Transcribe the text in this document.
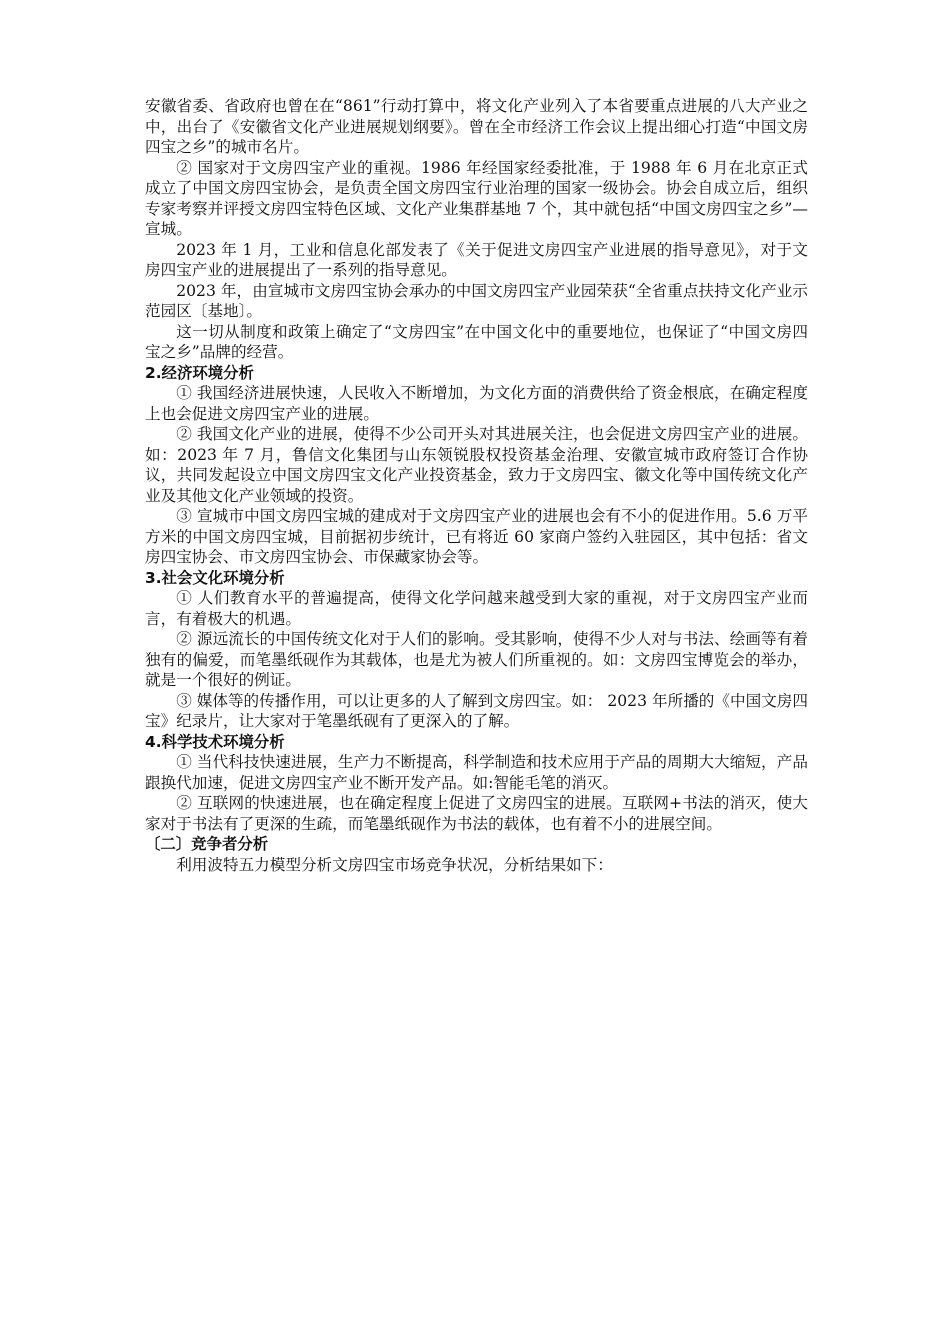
安徽省委、省政府也曾在在“861”行动打算中，将文化产业列入了本省要重点进展的八大产业之中，出台了《安徽省文化产业进展规划纲要》。曾在全市经济工作会议上提出细心打造“中国文房四宝之乡”的城市名片。

② 国家对于文房四宝产业的重视。1986 年经国家经委批准，于 1988 年 6 月在北京正式成立了中国文房四宝协会，是负责全国文房四宝行业治理的国家一级协会。协会自成立后，组织专家考察并评授文房四宝特色区域、文化产业集群基地 7 个，其中就包括“中国文房四宝之乡”—宣城。

2023 年 1 月，工业和信息化部发表了《关于促进文房四宝产业进展的指导意见》，对于文房四宝产业的进展提出了一系列的指导意见。

2023 年，由宣城市文房四宝协会承办的中国文房四宝产业园荣获“全省重点扶持文化产业示范园区〔基地〕。

这一切从制度和政策上确定了“文房四宝”在中国文化中的重要地位，也保证了“中国文房四宝之乡”品牌的经营。

2.经济环境分析

① 我国经济进展快速，人民收入不断增加，为文化方面的消费供给了资金根底，在确定程度上也会促进文房四宝产业的进展。

② 我国文化产业的进展，使得不少公司开头对其进展关注，也会促进文房四宝产业的进展。如：2023 年 7 月，鲁信文化集团与山东领锐股权投资基金治理、安徽宣城市政府签订合作协议，共同发起设立中国文房四宝文化产业投资基金，致力于文房四宝、徽文化等中国传统文化产业及其他文化产业领域的投资。

③ 宣城市中国文房四宝城的建成对于文房四宝产业的进展也会有不小的促进作用。5.6 万平方米的中国文房四宝城，目前据初步统计，已有将近 60 家商户签约入驻园区，其中包括：省文房四宝协会、市文房四宝协会、市保藏家协会等。

3.社会文化环境分析

① 人们教育水平的普遍提高，使得文化学问越来越受到大家的重视，对于文房四宝产业而言，有着极大的机遇。

② 源远流长的中国传统文化对于人们的影响。受其影响，使得不少人对与书法、绘画等有着独有的偏爱，而笔墨纸砚作为其载体，也是尤为被人们所重视的。如：文房四宝博览会的举办，就是一个很好的例证。

③ 媒体等的传播作用，可以让更多的人了解到文房四宝。如： 2023 年所播的《中国文房四宝》纪录片，让大家对于笔墨纸砚有了更深入的了解。

4.科学技术环境分析

① 当代科技快速进展，生产力不断提高，科学制造和技术应用于产品的周期大大缩短，产品跟换代加速，促进文房四宝产业不断开发产品。如:智能毛笔的消灭。

② 互联网的快速进展，也在确定程度上促进了文房四宝的进展。互联网+书法的消灭，使大家对于书法有了更深的生疏，而笔墨纸砚作为书法的载体，也有着不小的进展空间。

〔二〕竞争者分析

利用波特五力模型分析文房四宝市场竞争状况，分析结果如下：
